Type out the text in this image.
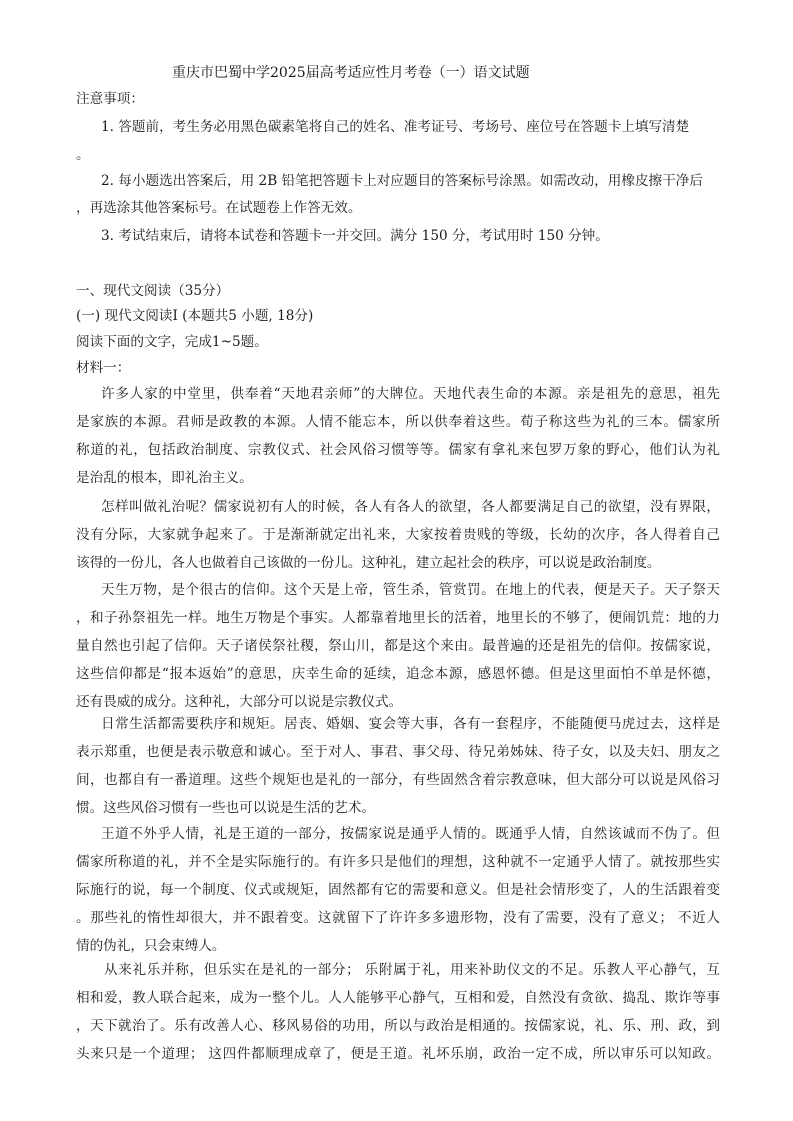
重庆市巴蜀中学2025届高考适应性月考卷（一）语文试题
注意事项：
1. 答题前，考生务必用黑色碳素笔将自己的姓名、准考证号、考场号、座位号在答题卡上填写清楚
。
2. 每小题选出答案后，用 2B 铅笔把答题卡上对应题目的答案标号涂黑。如需改动，用橡皮擦干净后
，再选涂其他答案标号。在试题卷上作答无效。
3. 考试结束后，请将本试卷和答题卡一并交回。满分 150 分，考试用时 150 分钟。
一、现代文阅读（35分）
(一) 现代文阅读Ⅰ (本题共5 小题, 18分)
阅读下面的文字，完成1~5题。
材料一：
许多人家的中堂里，供奉着“天地君亲师”的大牌位。天地代表生命的本源。亲是祖先的意思，祖先
是家族的本源。君师是政教的本源。人情不能忘本，所以供奉着这些。荀子称这些为礼的三本。儒家所
称道的礼，包括政治制度、宗教仪式、社会风俗习惯等等。儒家有拿礼来包罗万象的野心，他们认为礼
是治乱的根本，即礼治主义。
怎样叫做礼治呢？儒家说初有人的时候，各人有各人的欲望，各人都要满足自己的欲望，没有界限，
没有分际，大家就争起来了。于是渐渐就定出礼来，大家按着贵贱的等级，长幼的次序，各人得着自己
该得的一份儿，各人也做着自己该做的一份儿。这种礼，建立起社会的秩序，可以说是政治制度。
天生万物，是个很古的信仰。这个天是上帝，管生杀，管赏罚。在地上的代表，便是天子。天子祭天
，和子孙祭祖先一样。地生万物是个事实。人都靠着地里长的活着，地里长的不够了，便闹饥荒：地的力
量自然也引起了信仰。天子诸侯祭社稷，祭山川，都是这个来由。最普遍的还是祖先的信仰。按儒家说，
这些信仰都是“报本返始”的意思，庆幸生命的延续，追念本源，感恩怀德。但是这里面怕不单是怀德，
还有畏威的成分。这种礼，大部分可以说是宗教仪式。
日常生活都需要秩序和规矩。居丧、婚姻、宴会等大事，各有一套程序，不能随便马虎过去，这样是
表示郑重，也便是表示敬意和诚心。至于对人、事君、事父母、待兄弟姊妹、待子女，以及夫妇、朋友之
间，也都自有一番道理。这些个规矩也是礼的一部分，有些固然含着宗教意味，但大部分可以说是风俗习
惯。这些风俗习惯有一些也可以说是生活的艺术。
王道不外乎人情，礼是王道的一部分，按儒家说是通乎人情的。既通乎人情，自然该诚而不伪了。但
儒家所称道的礼，并不全是实际施行的。有许多只是他们的理想，这种就不一定通乎人情了。就按那些实
际施行的说，每一个制度、仪式或规矩，固然都有它的需要和意义。但是社会情形变了，人的生活跟着变
。那些礼的惰性却很大，并不跟着变。这就留下了许许多多遗形物，没有了需要，没有了意义； 不近人
情的伪礼，只会束缚人。
从来礼乐并称，但乐实在是礼的一部分； 乐附属于礼，用来补助仪文的不足。乐教人平心静气，互
相和爱，教人联合起来，成为一整个儿。人人能够平心静气，互相和爱，自然没有贪欲、捣乱、欺诈等事
，天下就治了。乐有改善人心、移风易俗的功用，所以与政治是相通的。按儒家说，礼、乐、刑、政，到
头来只是一个道理； 这四件都顺理成章了，便是王道。礼坏乐崩，政治一定不成，所以审乐可以知政。
